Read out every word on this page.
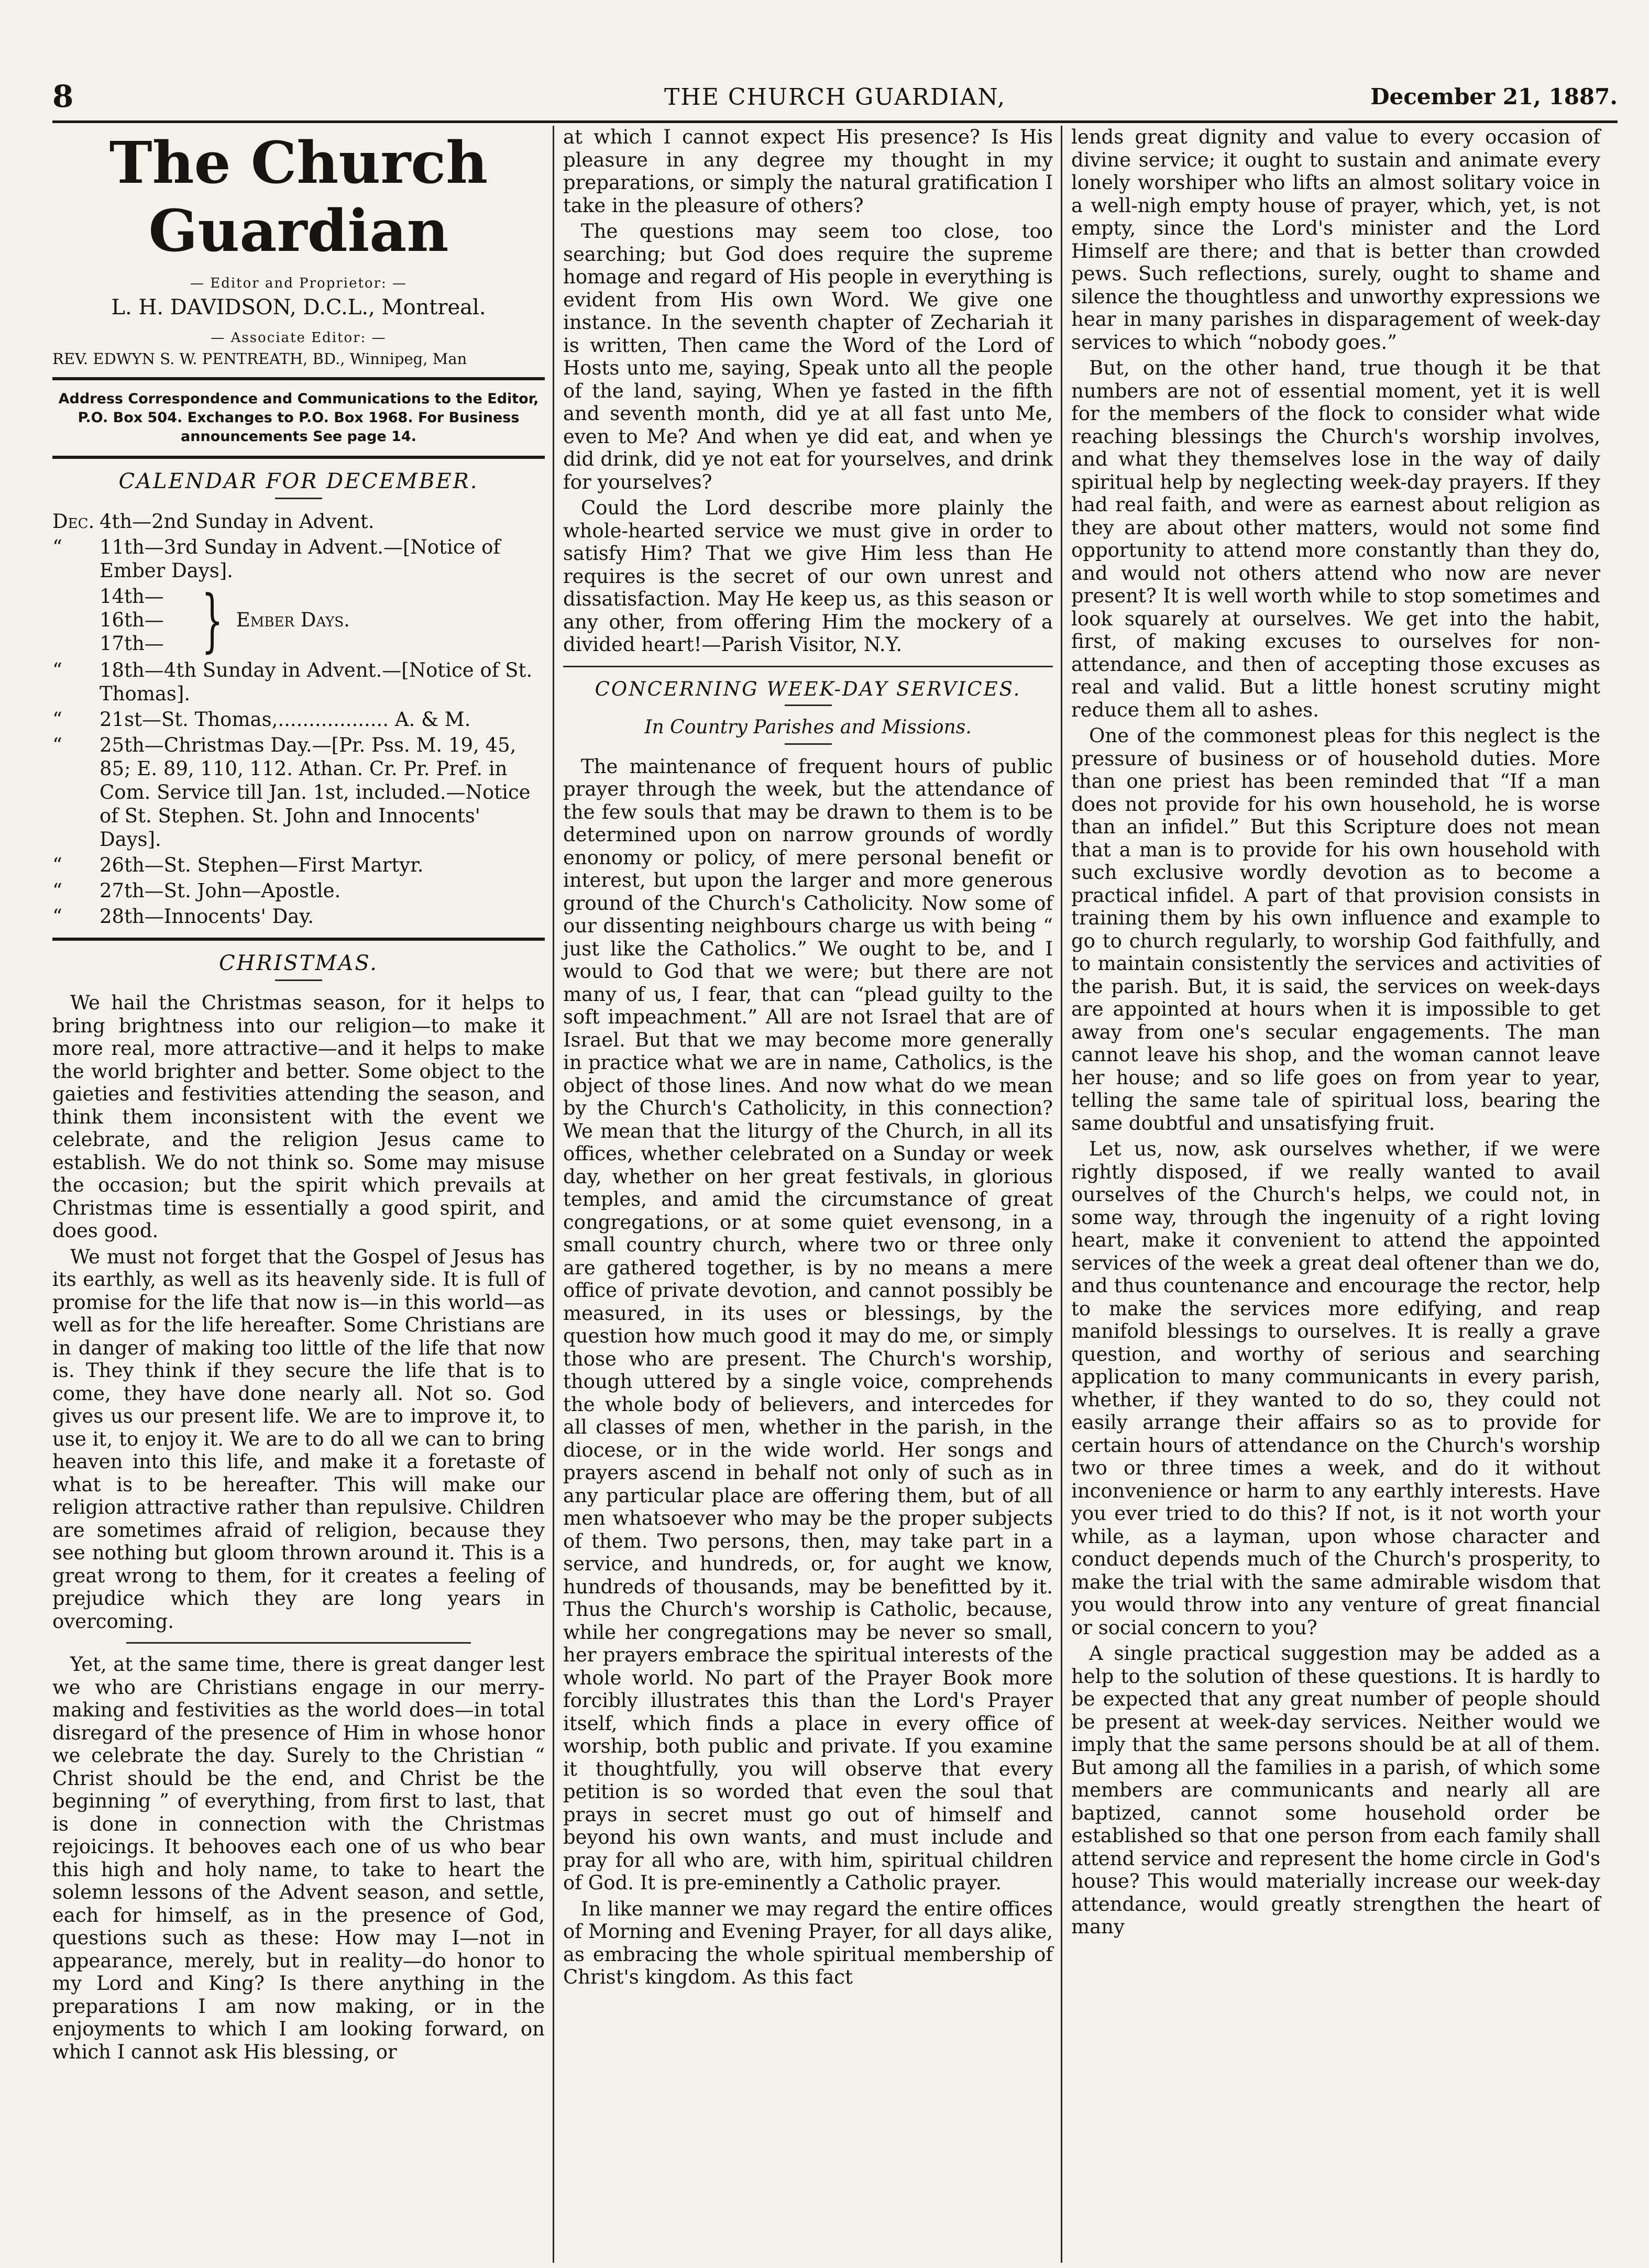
8	THE CHURCH GUARDIAN,	December 21, 1887.
The Church Guardian
— Editor and Proprietor: —
L. H. DAVIDSON, D.C.L., Montreal.
— Associate Editor: —
REV. EDWYN S. W. PENTREATH, BD., Winnipeg, Man
Address Correspondence and Communications to the Editor, P.O. Box 504. Exchanges to P.O. Box 1968. For Business announcements See page 14.
CALENDAR FOR DECEMBER.
Dec. 4th—2nd Sunday in Advent.
“	11th—3rd Sunday in Advent.—[Notice of Ember Days].
14th—
16th—
17th— } Ember Days.
“	18th—4th Sunday in Advent.—[Notice of St. Thomas].
“	21st—St. Thomas,.................. A. & M.
“	25th—Christmas Day.—[Pr. Pss. M. 19, 45, 85; E. 89, 110, 112. Athan. Cr. Pr. Pref. in Com. Service till Jan. 1st, included.—Notice of St. Stephen. St. John and Innocents' Days].
“	26th—St. Stephen—First Martyr.
“	27th—St. John—Apostle.
“	28th—Innocents' Day.
CHRISTMAS.

We hail the Christmas season, for it helps to bring brightness into our religion—to make it more real, more attractive—and it helps to make the world brighter and better. Some object to the gaieties and festivities attending the season, and think them inconsistent with the event we celebrate, and the religion Jesus came to establish. We do not think so. Some may misuse the occasion; but the spirit which prevails at Christmas time is essentially a good spirit, and does good.

We must not forget that the Gospel of Jesus has its earthly, as well as its heavenly side. It is full of promise for the life that now is—in this world—as well as for the life hereafter. Some Christians are in danger of making too little of the life that now is. They think if they secure the life that is to come, they have done nearly all. Not so. God gives us our present life. We are to improve it, to use it, to enjoy it. We are to do all we can to bring heaven into this life, and make it a foretaste of what is to be hereafter. This will make our religion attractive rather than repulsive. Children are sometimes afraid of religion, because they see nothing but gloom thrown around it. This is a great wrong to them, for it creates a feeling of prejudice which they are long years in overcoming.

Yet, at the same time, there is great danger lest we who are Christians engage in our merry-making and festivities as the world does—in total disregard of the presence of Him in whose honor we celebrate the day. Surely to the Christian “ Christ should be the end, and Christ be the beginning ” of everything, from first to last, that is done in connection with the Christmas rejoicings. It behooves each one of us who bear this high and holy name, to take to heart the solemn lessons of the Advent season, and settle, each for himself, as in the presence of God, questions such as these: How may I—not in appearance, merely, but in reality—do honor to my Lord and King? Is there anything in the preparations I am now making, or in the enjoyments to which I am looking forward, on which I cannot ask His blessing, or

at which I cannot expect His presence? Is His pleasure in any degree my thought in my preparations, or simply the natural gratification I take in the pleasure of others?

The questions may seem too close, too searching; but God does require the supreme homage and regard of His people in everything is evident from His own Word. We give one instance. In the seventh chapter of Zechariah it is written, Then came the Word of the Lord of Hosts unto me, saying, Speak unto all the people of the land, saying, When ye fasted in the fifth and seventh month, did ye at all fast unto Me, even to Me? And when ye did eat, and when ye did drink, did ye not eat for yourselves, and drink for yourselves?

Could the Lord describe more plainly the whole-hearted service we must give in order to satisfy Him? That we give Him less than He requires is the secret of our own unrest and dissatisfaction. May He keep us, as this season or any other, from offering Him the mockery of a divided heart!—Parish Visitor, N.Y.

CONCERNING WEEK-DAY SERVICES.
In Country Parishes and Missions.

The maintenance of frequent hours of public prayer through the week, but the attendance of the few souls that may be drawn to them is to be determined upon on narrow grounds of wordly enonomy or policy, of mere personal benefit or interest, but upon the larger and more generous ground of the Church's Catholicity. Now some of our dissenting neighbours charge us with being “ just like the Catholics.” We ought to be, and I would to God that we were; but there are not many of us, I fear, that can “plead guilty to the soft impeachment.” All are not Israel that are of Israel. But that we may become more generally in practice what we are in name, Catholics, is the object of those lines. And now what do we mean by the Church's Catholicity, in this connection? We mean that the liturgy of the Church, in all its offices, whether celebrated on a Sunday or week day, whether on her great festivals, in glorious temples, and amid the circumstance of great congregations, or at some quiet evensong, in a small country church, where two or three only are gathered together, is by no means a mere office of private devotion, and cannot possibly be measured, in its uses or blessings, by the question how much good it may do me, or simply those who are present. The Church's worship, though uttered by a single voice, comprehends the whole body of believers, and intercedes for all classes of men, whether in the parish, in the diocese, or in the wide world. Her songs and prayers ascend in behalf not only of such as in any particular place are offering them, but of all men whatsoever who may be the proper subjects of them. Two persons, then, may take part in a service, and hundreds, or, for aught we know, hundreds of thousands, may be benefitted by it. Thus the Church's worship is Catholic, because, while her congregations may be never so small, her prayers embrace the spiritual interests of the whole world. No part of the Prayer Book more forcibly illustrates this than the Lord's Prayer itself, which finds a place in every office of worship, both public and private. If you examine it thoughtfully, you will observe that every petition is so worded that even the soul that prays in secret must go out of himself and beyond his own wants, and must include and pray for all who are, with him, spiritual children of God. It is pre-eminently a Catholic prayer.

In like manner we may regard the entire offices of Morning and Evening Prayer, for all days alike, as embracing the whole spiritual membership of Christ's kingdom. As this fact

lends great dignity and value to every occasion of divine service; it ought to sustain and animate every lonely worshiper who lifts an almost solitary voice in a well-nigh empty house of prayer, which, yet, is not empty, since the Lord's minister and the Lord Himself are there; and that is better than crowded pews. Such reflections, surely, ought to shame and silence the thoughtless and unworthy expressions we hear in many parishes in disparagement of week-day services to which “nobody goes.”

But, on the other hand, true though it be that numbers are not of essential moment, yet it is well for the members of the flock to consider what wide reaching blessings the Church's worship involves, and what they themselves lose in the way of daily spiritual help by neglecting week-day prayers. If they had real faith, and were as earnest about religion as they are about other matters, would not some find opportunity to attend more constantly than they do, and would not others attend who now are never present? It is well worth while to stop sometimes and look squarely at ourselves. We get into the habit, first, of making excuses to ourselves for non-attendance, and then of accepting those excuses as real and valid. But a little honest scrutiny might reduce them all to ashes.

One of the commonest pleas for this neglect is the pressure of business or of household duties. More than one priest has been reminded that “If a man does not provide for his own household, he is worse than an infidel.” But this Scripture does not mean that a man is to provide for his own household with such exclusive wordly devotion as to become a practical infidel. A part of that provision consists in training them by his own influence and example to go to church regularly, to worship God faithfully, and to maintain consistently the services and activities of the parish. But, it is said, the services on week-days are appointed at hours when it is impossible to get away from one's secular engagements. The man cannot leave his shop, and the woman cannot leave her house; and so life goes on from year to year, telling the same tale of spiritual loss, bearing the same doubtful and unsatisfying fruit.

Let us, now, ask ourselves whether, if we were rightly disposed, if we really wanted to avail ourselves of the Church's helps, we could not, in some way, through the ingenuity of a right loving heart, make it convenient to attend the appointed services of the week a great deal oftener than we do, and thus countenance and encourage the rector, help to make the services more edifying, and reap manifold blessings to ourselves. It is really a grave question, and worthy of serious and searching application to many communicants in every parish, whether, if they wanted to do so, they could not easily arrange their affairs so as to provide for certain hours of attendance on the Church's worship two or three times a week, and do it without inconvenience or harm to any earthly interests. Have you ever tried to do this? If not, is it not worth your while, as a layman, upon whose character and conduct depends much of the Church's prosperity, to make the trial with the same admirable wisdom that you would throw into any venture of great financial or social concern to you?

A single practical suggestion may be added as a help to the solution of these questions. It is hardly to be expected that any great number of people should be present at week-day services. Neither would we imply that the same persons should be at all of them. But among all the families in a parish, of which some members are communicants and nearly all are baptized, cannot some household order be established so that one person from each family shall attend service and represent the home circle in God's house? This would materially increase our week-day attendance, would greatly strengthen the heart of many
